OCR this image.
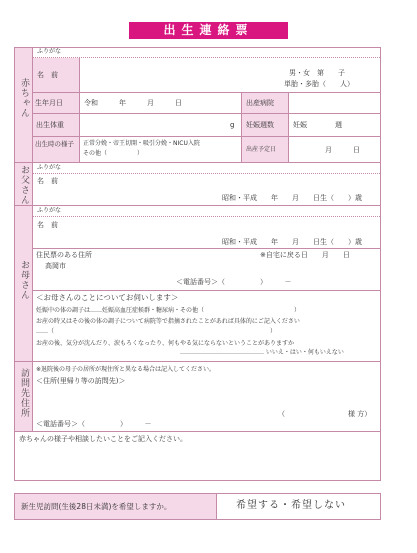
出生連絡票
赤ちゃん
お父さん
お母さん
訪問先住所
ふりがな
名　前	男・女　第　　子
単胎・多胎（　　人）
生年月日	令和　　　年　　　月　　　日	出産病院
出生体重	g 妊娠週数	妊娠　　　　週
出生時の様子	正常分娩・帝王切開・吸引分娩・NICU入院
その他（　　　　　）
出産予定日	月　　　日
ふりがな
名　前
昭和・平成　　年　　月　　日生（　　）歳
ふりがな
名　前
昭和・平成　　年　　月　　日生（　　）歳
住民票のある住所	※自宅に戻る日　　月　　日
高岡市
＜電話番号＞（　　　　　）　　　－
＜お母さんのことについてお伺いします＞
妊娠中の体の調子は……妊娠高血圧症候群・糖尿病・その他（　　　　　　　　　　　　　　　）
お産の時又はその後の体の調子について病院等で指摘されたことがあれば具体的にご記入ください
……（　　　　　　　　　　　　　　　　　　　　　　　　　　　　　　　　　　　　）
お産の後、気分が沈んだり、涙もろくなったり、何もやる気にならないということがありますか
…………………………………… いいえ・はい・何もいえない
※退院後の母子の居所が現住所と異なる場合は記入してください。
＜住所(里帰り等の訪問先)＞
（　　　　　　　　　様 方）
＜電話番号＞（　　　　　）　　　－
赤ちゃんの様子や相談したいことをご記入ください。
新生児訪問(生後28日未満)を希望しますか。	希望する・希望しない
